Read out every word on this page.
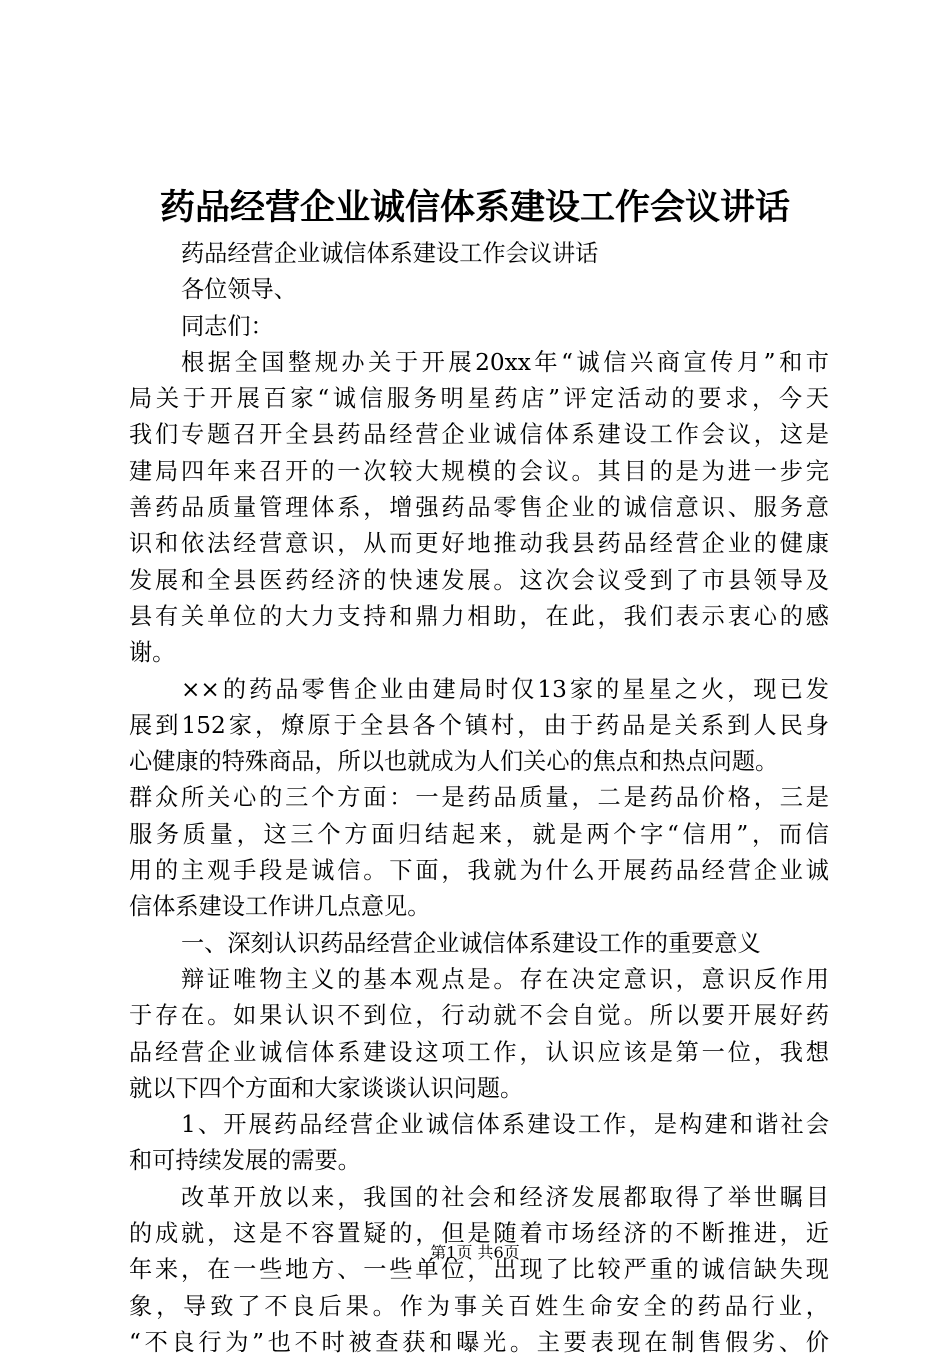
药品经营企业诚信体系建设工作会议讲话
药品经营企业诚信体系建设工作会议讲话
各位领导、
同志们：
根据全国整规办关于开展20xx年“诚信兴商宣传月”和市
局关于开展百家“诚信服务明星药店”评定活动的要求，今天
我们专题召开全县药品经营企业诚信体系建设工作会议，这是
建局四年来召开的一次较大规模的会议。其目的是为进一步完
善药品质量管理体系，增强药品零售企业的诚信意识、服务意
识和依法经营意识，从而更好地推动我县药品经营企业的健康
发展和全县医药经济的快速发展。这次会议受到了市县领导及
县有关单位的大力支持和鼎力相助，在此，我们表示衷心的感
谢。
××的药品零售企业由建局时仅13家的星星之火，现已发
展到152家，燎原于全县各个镇村，由于药品是关系到人民身
心健康的特殊商品，所以也就成为人们关心的焦点和热点问题。
群众所关心的三个方面：一是药品质量，二是药品价格，三是
服务质量，这三个方面归结起来，就是两个字“信用”，而信
用的主观手段是诚信。下面，我就为什么开展药品经营企业诚
信体系建设工作讲几点意见。
一、深刻认识药品经营企业诚信体系建设工作的重要意义
辩证唯物主义的基本观点是。存在决定意识，意识反作用
于存在。如果认识不到位，行动就不会自觉。所以要开展好药
品经营企业诚信体系建设这项工作，认识应该是第一位，我想
就以下四个方面和大家谈谈认识问题。
1、开展药品经营企业诚信体系建设工作，是构建和谐社会
和可持续发展的需要。
改革开放以来，我国的社会和经济发展都取得了举世瞩目
的成就，这是不容置疑的，但是随着市场经济的不断推进，近
年来，在一些地方、一些单位，出现了比较严重的诚信缺失现
象，导致了不良后果。作为事关百姓生命安全的药品行业，
“不良行为”也不时被查获和曝光。主要表现在制售假劣、价
第1页 共6页
